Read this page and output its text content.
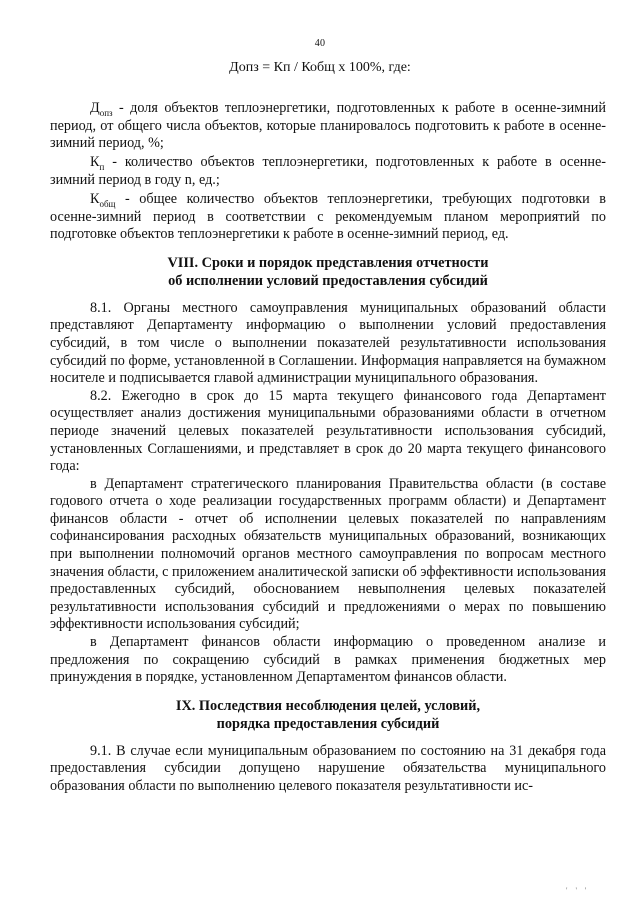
40
Допз = Кп / Кобщ х 100%, где:

$Д_{опз}$ - доля объектов теплоэнергетики, подготовленных к работе в осенне-зимний период, от общего числа объектов, которые планировалось подготовить к работе в осенне-зимний период, %;

$К_п$ - количество объектов теплоэнергетики, подготовленных к работе в осенне-зимний период в году n, ед.;

$К_{общ}$ - общее количество объектов теплоэнергетики, требующих подготовки в осенне-зимний период в соответствии с рекомендуемым планом мероприятий по подготовке объектов теплоэнергетики к работе в осенне-зимний период, ед.

VIII. Сроки и порядок представления отчетности
об исполнении условий предоставления субсидий

8.1. Органы местного самоуправления муниципальных образований области представляют Департаменту информацию о выполнении условий предоставления субсидий, в том числе о выполнении показателей результативности использования субсидий по форме, установленной в Соглашении. Информация направляется на бумажном носителе и подписывается главой администрации муниципального образования.

8.2. Ежегодно в срок до 15 марта текущего финансового года Департамент осуществляет анализ достижения муниципальными образованиями области в отчетном периоде значений целевых показателей результативности использования субсидий, установленных Соглашениями, и представляет в срок до 20 марта текущего финансового года:

в Департамент стратегического планирования Правительства области (в составе годового отчета о ходе реализации государственных программ области) и Департамент финансов области - отчет об исполнении целевых показателей по направлениям софинансирования расходных обязательств муниципальных образований, возникающих при выполнении полномочий органов местного самоуправления по вопросам местного значения области, с приложением аналитической записки об эффективности использования предоставленных субсидий, обоснованием невыполнения целевых показателей результативности использования субсидий и предложениями о мерах по повышению эффективности использования субсидий;

в Департамент финансов области информацию о проведенном анализе и предложения по сокращению субсидий в рамках применения бюджетных мер принуждения в порядке, установленном Департаментом финансов области.

IX. Последствия несоблюдения целей, условий,
порядка предоставления субсидий

9.1. В случае если муниципальным образованием по состоянию на 31 декабря года предоставления субсидии допущено нарушение обязательства муниципального образования области по выполнению целевого показателя результативности ис-

' ' '
